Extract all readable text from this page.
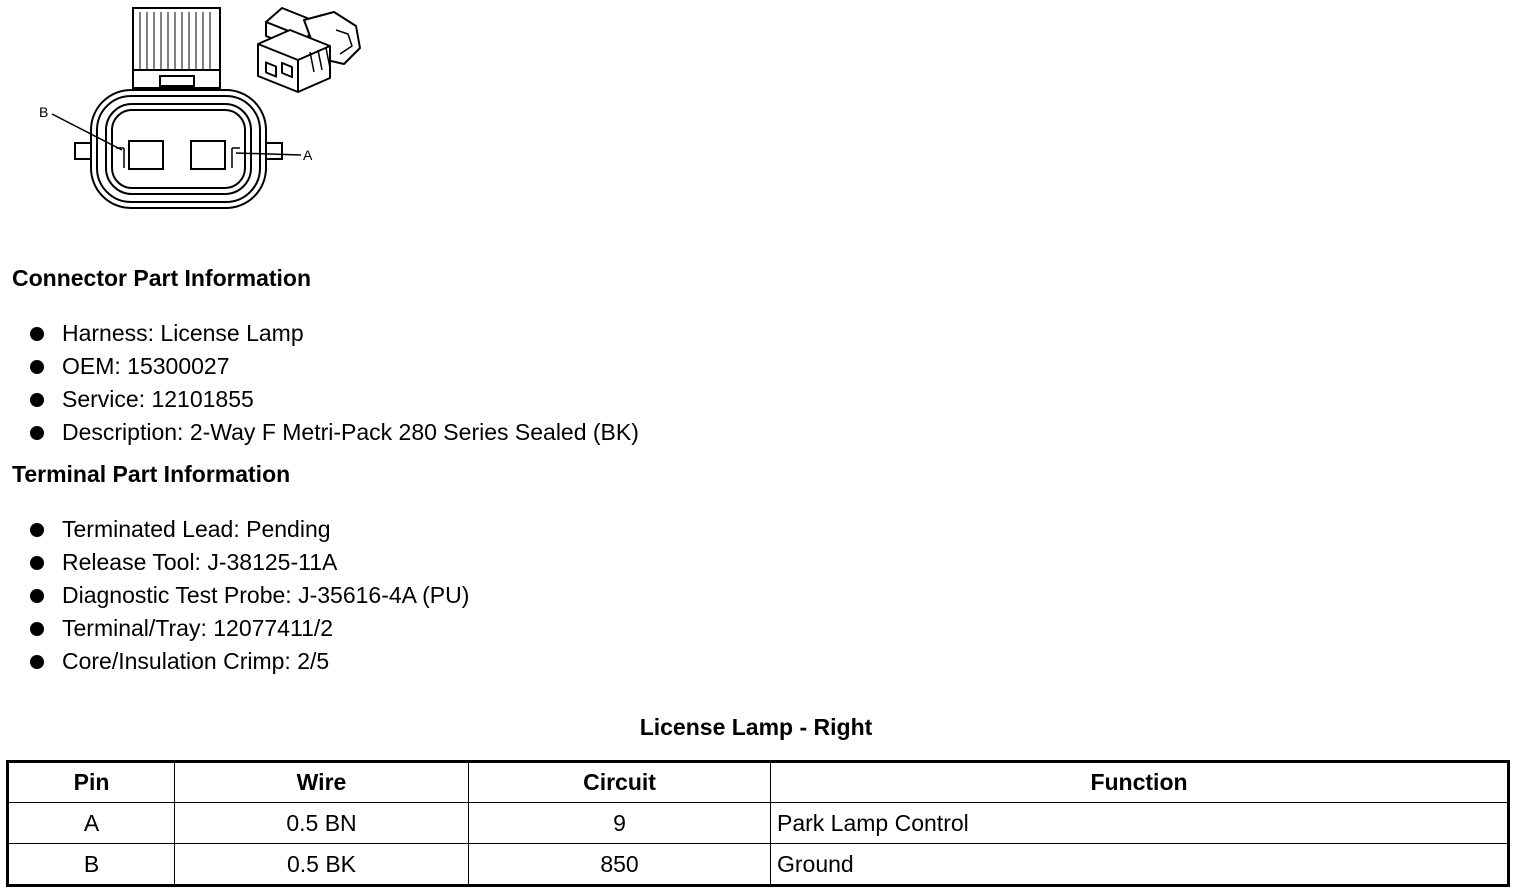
B
A
Connector Part Information
Harness: License Lamp
OEM: 15300027
Service: 12101855
Description: 2-Way F Metri-Pack 280 Series Sealed (BK)
Terminal Part Information
Terminated Lead: Pending
Release Tool: J-38125-11A
Diagnostic Test Probe: J-35616-4A (PU)
Terminal/Tray: 12077411/2
Core/Insulation Crimp: 2/5
License Lamp - Right
Pin	Wire	Circuit	Function
A	0.5 BN	9	Park Lamp Control
B	0.5 BK	850	Ground
